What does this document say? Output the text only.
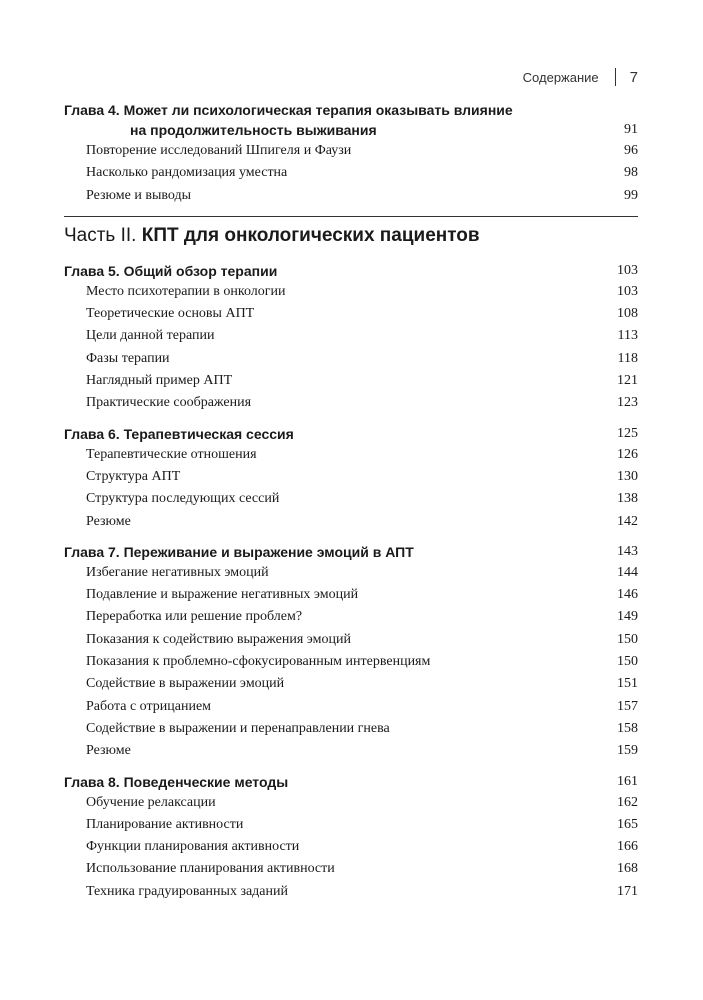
Содержание 7
Глава 4. Может ли психологическая терапия оказывать влияние
на продолжительность выживания	91
Повторение исследований Шпигеля и Фаузи	96
Насколько рандомизация уместна	98
Резюме и выводы	99
Часть II. КПТ для онкологических пациентов
Глава 5. Общий обзор терапии	103
Место психотерапии в онкологии	103
Теоретические основы АПТ	108
Цели данной терапии	113
Фазы терапии	118
Наглядный пример АПТ	121
Практические соображения	123
Глава 6. Терапевтическая сессия	125
Терапевтические отношения	126
Структура АПТ	130
Структура последующих сессий	138
Резюме	142
Глава 7. Переживание и выражение эмоций в АПТ	143
Избегание негативных эмоций	144
Подавление и выражение негативных эмоций	146
Переработка или решение проблем?	149
Показания к содействию выражения эмоций	150
Показания к проблемно-сфокусированным интервенциям	150
Содействие в выражении эмоций	151
Работа с отрицанием	157
Содействие в выражении и перенаправлении гнева	158
Резюме	159
Глава 8. Поведенческие методы	161
Обучение релаксации	162
Планирование активности	165
Функции планирования активности	166
Использование планирования активности	168
Техника градуированных заданий	171
